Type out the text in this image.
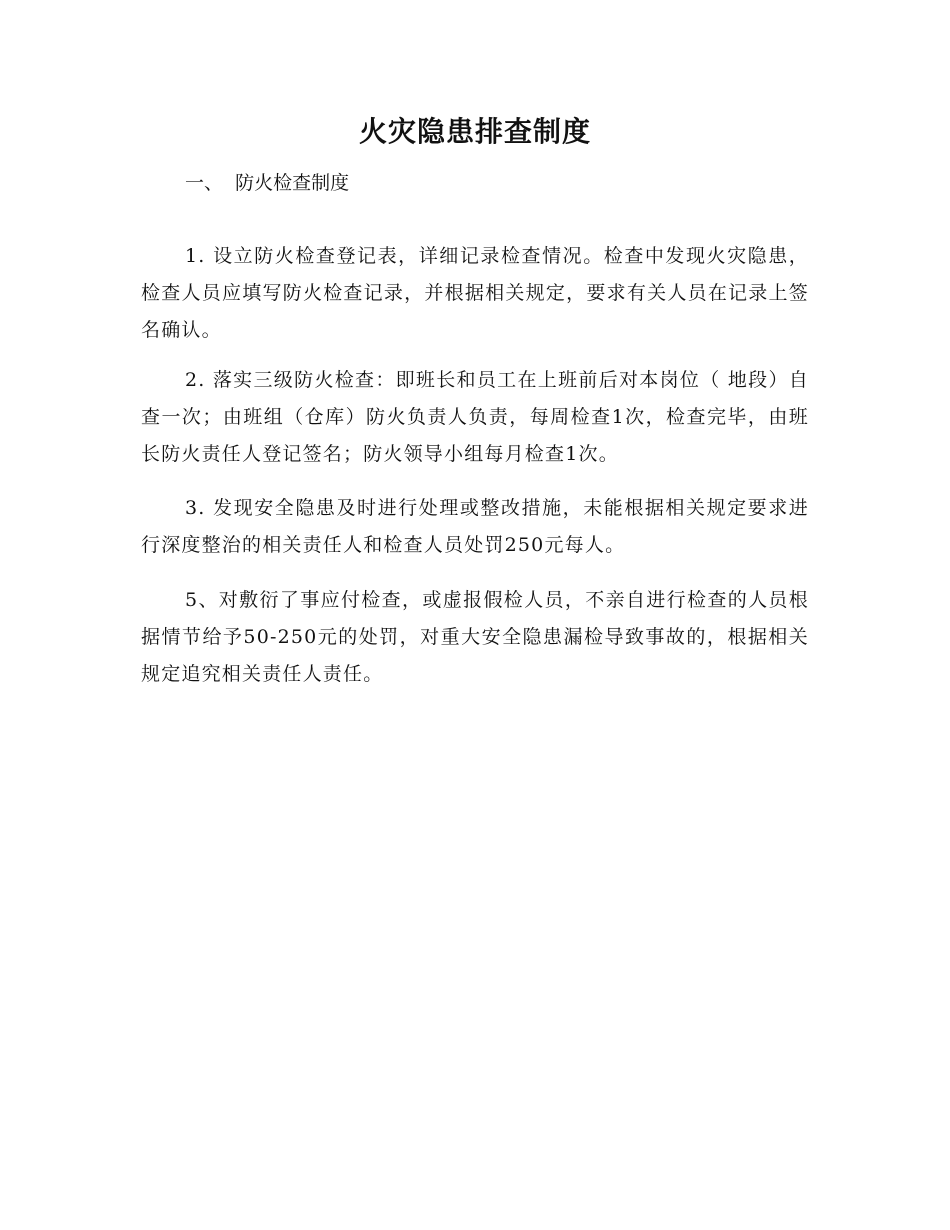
火灾隐患排查制度
一、  防火检查制度

1. 设立防火检查登记表，详细记录检查情况。检查中发现火灾隐患，检查人员应填写防火检查记录，并根据相关规定，要求有关人员在记录上签名确认。

2. 落实三级防火检查：即班长和员工在上班前后对本岗位（ 地段）自查一次；由班组（仓库）防火负责人负责，每周检查1次，检查完毕，由班长防火责任人登记签名；防火领导小组每月检查1次。

3. 发现安全隐患及时进行处理或整改措施，未能根据相关规定要求进行深度整治的相关责任人和检查人员处罚250元每人。

5、对敷衍了事应付检查，或虚报假检人员，不亲自进行检查的人员根据情节给予50-250元的处罚，对重大安全隐患漏检导致事故的，根据相关规定追究相关责任人责任。
